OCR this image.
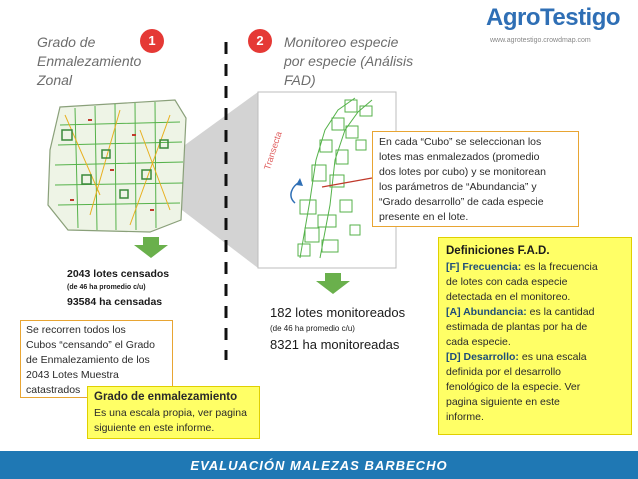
AgroTestigo
www.agrotestigo.crowdmap.com
Grado de
Enmalezamiento
Zonal
1	2	Monitoreo especie
por especie (Análisis
FAD)
Transecta	En cada “Cubo” se seleccionan los
lotes mas enmalezados (promedio
dos lotes por cubo) y se monitorean
los parámetros de “Abundancia” y
“Grado desarrollo” de cada especie
presente en el lote.
2043 lotes censados
(de 46 ha promedio c/u)
93584 ha censadas
Se recorren todos los
Cubos “censando” el Grado
de Enmalezamiento de los
2043 Lotes Muestra
catastrados
Grado de enmalezamiento
Es una escala propia, ver pagina
siguiente en este informe.
182 lotes monitoreados
(de 46 ha promedio c/u)
8321 ha monitoreadas
Definiciones F.A.D.
[F] Frecuencia: es la frecuencia
de lotes con cada especie
detectada en el monitoreo.
[A] Abundancia: es la cantidad
estimada de plantas por ha de
cada especie.
[D] Desarrollo: es una escala
definida por el desarrollo
fenológico de la especie. Ver
pagina siguiente en este
informe.
EVALUACIÓN MALEZAS BARBECHO
